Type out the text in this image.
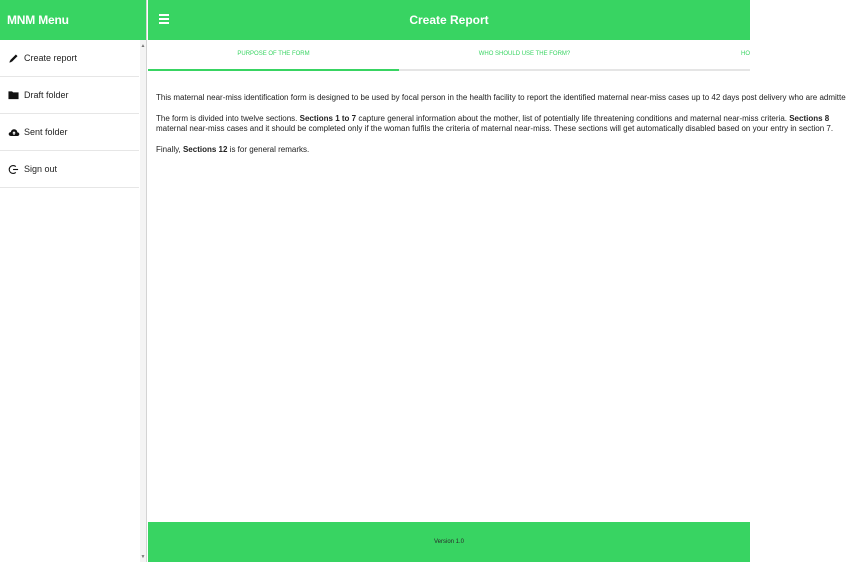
MNM Menu
Create report
Draft folder
Sent folder
Sign out
▲
▼
Create Report
PURPOSE OF THE FORM	WHO SHOULD USE THE FORM?	HO

This maternal near-miss identification form is designed to be used by focal person in the health facility to report the identified maternal near-miss cases up to 42 days post delivery who are admitte

The form is divided into twelve sections. Sections 1 to 7 capture general information about the mother, list of potentially life threatening conditions and maternal near-miss criteria. Sections 8
maternal near-miss cases and it should be completed only if the woman fulfils the criteria of maternal near-miss. These sections will get automatically disabled based on your entry in section 7.

Finally, Sections 12 is for general remarks.

Version 1.0
